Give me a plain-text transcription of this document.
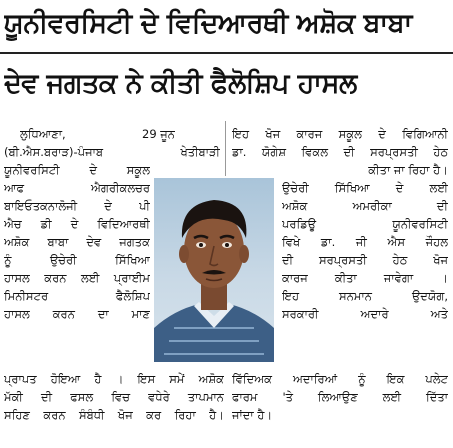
ਯੂਨੀਵਰਸਿਟੀ ਦੇ ਵਿਦਿਆਰਥੀ ਅਸ਼ੋਕ ਬਾਬਾ
ਦੇਵ ਜਗਤਕ ਨੇ ਕੀਤੀ ਫੈਲੋਸ਼ਿਪ ਹਾਸਲ
ਲੁਧਿਆਣਾ,	29 ਜੂਨ
(ਬੀ.ਐਸ.ਬਰਾੜ)-ਪੰਜਾਬ ਖੇਤੀਬਾੜੀ
ਯੂਨੀਵਰਸਿਟੀ ਦੇ ਸਕੂਲ
ਆਫ ਐਗਰੀਕਲਚਰ
ਬਾਇਓਤਕਨਾਲੋਜੀ ਦੇ ਪੀ
ਐਚ ਡੀ ਦੇ ਵਿਦਿਆਰਥੀ
ਅਸ਼ੋਕ ਬਾਬਾ ਦੇਵ ਜਗਤਕ
ਨੂੰ ਉਚੇਰੀ ਸਿੱਖਿਆ
ਹਾਸਲ ਕਰਨ ਲਈ ਪ੍ਰਾਈਮ
ਮਿਨੀਸਟਰ ਫੈਲੋਸ਼ਿਪ
ਹਾਸਲ ਕਰਨ ਦਾ ਮਾਣ
ਪ੍ਰਾਪਤ ਹੋਇਆ ਹੈ । ਇਸ ਸਮੇਂ ਅਸ਼ੋਕ
ਮੱਕੀ ਦੀ ਫਸਲ ਵਿਚ ਵਧੇਰੇ ਤਾਪਮਾਨ
ਸਹਿਣ ਕਰਨ ਸੰਬੰਧੀ ਖੋਜ ਕਰ ਰਿਹਾ ਹੈ।
ਇਹ ਖੋਜ ਕਾਰਜ ਸਕੂਲ ਦੇ ਵਿਗਿਆਨੀ
ਡਾ. ਯੋਗੇਸ਼ ਵਿਕਲ ਦੀ ਸਰਪ੍ਰਸਤੀ ਹੇਠ
ਕੀਤਾ ਜਾ ਰਿਹਾ ਹੈ।
ਉਚੇਰੀ ਸਿੱਖਿਆ ਦੇ ਲਈ
ਅਸ਼ੋਕ ਅਮਰੀਕਾ ਦੀ
ਪਰਡਿਊ ਯੂਨੀਵਰਸਿਟੀ
ਵਿਖੇ ਡਾ. ਜੀ ਐਸ ਜੌਹਲ
ਦੀ ਸਰਪ੍ਰਸਤੀ ਹੇਠ ਖੋਜ
ਕਾਰਜ ਕੀਤਾ ਜਾਵੇਗਾ ।
ਇਹ ਸਨਮਾਨ ਉਦਯੋਗ,
ਸਰਕਾਰੀ ਅਦਾਰੇ ਅਤੇ
ਵਿੱਦਿਅਕ ਅਦਾਰਿਆਂ ਨੂੰ ਇਕ ਪਲੇਟ
ਫਾਰਮ 'ਤੇ ਲਿਆਉਣ ਲਈ ਦਿੱਤਾ
ਜਾਂਦਾ ਹੈ।
